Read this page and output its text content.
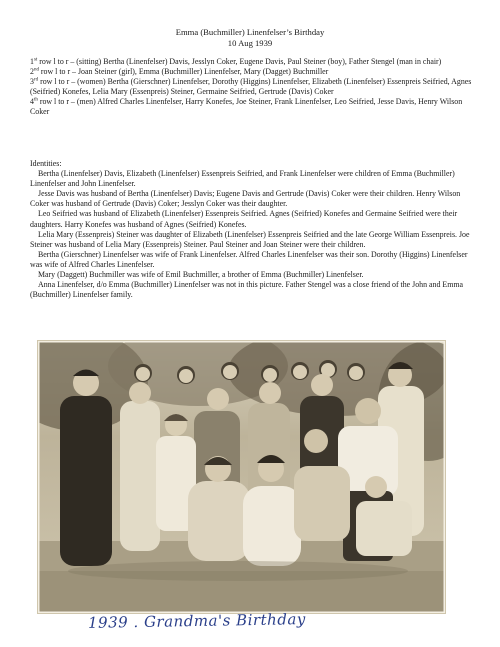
Emma (Buchmiller) Linenfelser’s Birthday
10 Aug 1939

1st row l to r – (sitting) Bertha (Linenfelser) Davis, Jesslyn Coker, Eugene Davis, Paul Steiner (boy), Father Stengel (man in chair)

2nd row l to r – Joan Steiner (girl), Emma (Buchmiller) Linenfelser, Mary (Dagget) Buchmiller

3rd row l to r – (women) Bertha (Gierschner) Linenfelser, Dorothy (Higgins) Linenfelser, Elizabeth (Linenfelser) Essenpreis Seifried, Agnes (Seifried) Konefes, Lelia Mary (Essenpreis) Steiner, Germaine Seifried, Gertrude (Davis) Coker

4th row l to r – (men) Alfred Charles Linenfelser, Harry Konefes, Joe Steiner, Frank Linenfelser, Leo Seifried, Jesse Davis, Henry Wilson Coker

Identities:

Bertha (Linenfelser) Davis, Elizabeth (Linenfelser) Essenpreis Seifried, and Frank Linenfelser were children of Emma (Buchmiller) Linenfelser and John Linenfelser.

Jesse Davis was husband of Bertha (Linenfelser) Davis; Eugene Davis and Gertrude (Davis) Coker were their children. Henry Wilson Coker was husband of Gertrude (Davis) Coker; Jesslyn Coker was their daughter.

Leo Seifried was husband of Elizabeth (Linenfelser) Essenpreis Seifried. Agnes (Seifried) Konefes and Germaine Seifried were their daughters. Harry Konefes was husband of Agnes (Seifried) Konefes.

Lelia Mary (Essenpreis) Steiner was daughter of Elizabeth (Linenfelser) Essenpreis Seifried and the late George William Essenpreis. Joe Steiner was husband of Lelia Mary (Essenpreis) Steiner. Paul Steiner and Joan Steiner were their children.

Bertha (Gierschner) Linenfelser was wife of Frank Linenfelser. Alfred Charles Linenfelser was their son. Dorothy (Higgins) Linenfelser was wife of Alfred Charles Linenfelser.

Mary (Daggett) Buchmiller was wife of Emil Buchmiller, a brother of Emma (Buchmiller) Linenfelser.

Anna Linenfelser, d/o Emma (Buchmiller) Linenfelser was not in this picture. Father Stengel was a close friend of the John and Emma (Buchmiller) Linenfelser family.

1939 . Grandma's Birthday
